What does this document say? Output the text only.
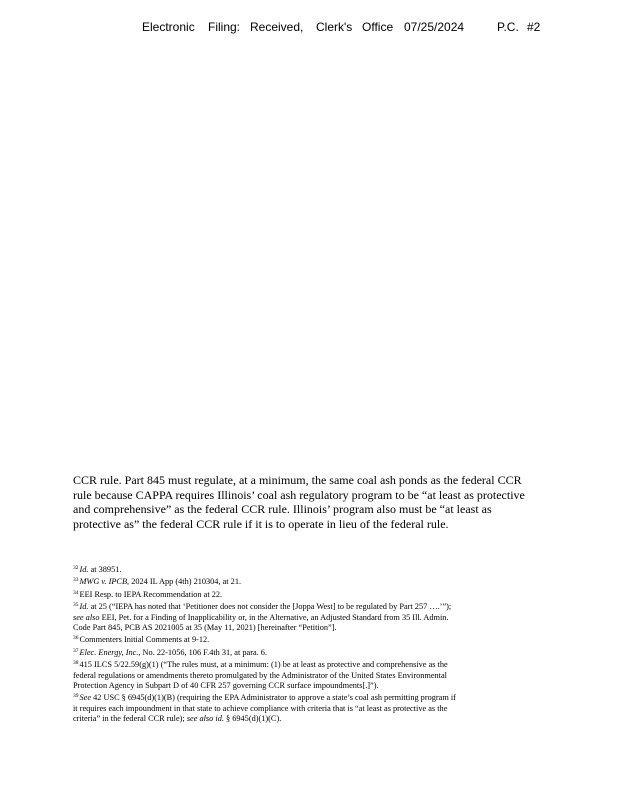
Electronic Filing: Received, Clerk's Office 07/25/2024	P.C. #2

CCR rule. Part 845 must regulate, at a minimum, the same coal ash ponds as the federal CCR

rule because CAPPA requires Illinois’ coal ash regulatory program to be “at least as protective

and comprehensive” as the federal CCR rule. Illinois’ program also must be “at least as

protective as” the federal CCR rule if it is to operate in lieu of the federal rule.

$^{32}$Id. at 38951.
$^{33}$MWG v. IPCB, 2024 IL App (4th) 210304, at 21.
$^{34}$EEI Resp. to IEPA Recommendation at 22.
$^{35}$Id. at 25 (“IEPA has noted that ‘Petitioner does not consider the [Joppa West] to be regulated by Part 257 ….’”);
see also EEI, Pet. for a Finding of Inapplicability or, in the Alternative, an Adjusted Standard from 35 Ill. Admin.
Code Part 845, PCB AS 2021005 at 35 (May 11, 2021) [hereinafter “Petition”].
$^{36}$Commenters Initial Comments at 9-12.
$^{37}$Elec. Energy, Inc., No. 22-1056, 106 F.4th 31, at para. 6.
$^{38}$415 ILCS 5/22.59(g)(1) (“The rules must, at a minimum: (1) be at least as protective and comprehensive as the
federal regulations or amendments thereto promulgated by the Administrator of the United States Environmental
Protection Agency in Subpart D of 40 CFR 257 governing CCR surface impoundments[.]”).
$^{39}$See 42 USC § 6945(d)(1)(B) (requiring the EPA Administrator to approve a state’s coal ash permitting program if
it requires each impoundment in that state to achieve compliance with criteria that is “at least as protective as the
criteria” in the federal CCR rule); see also id. § 6945(d)(1)(C).
